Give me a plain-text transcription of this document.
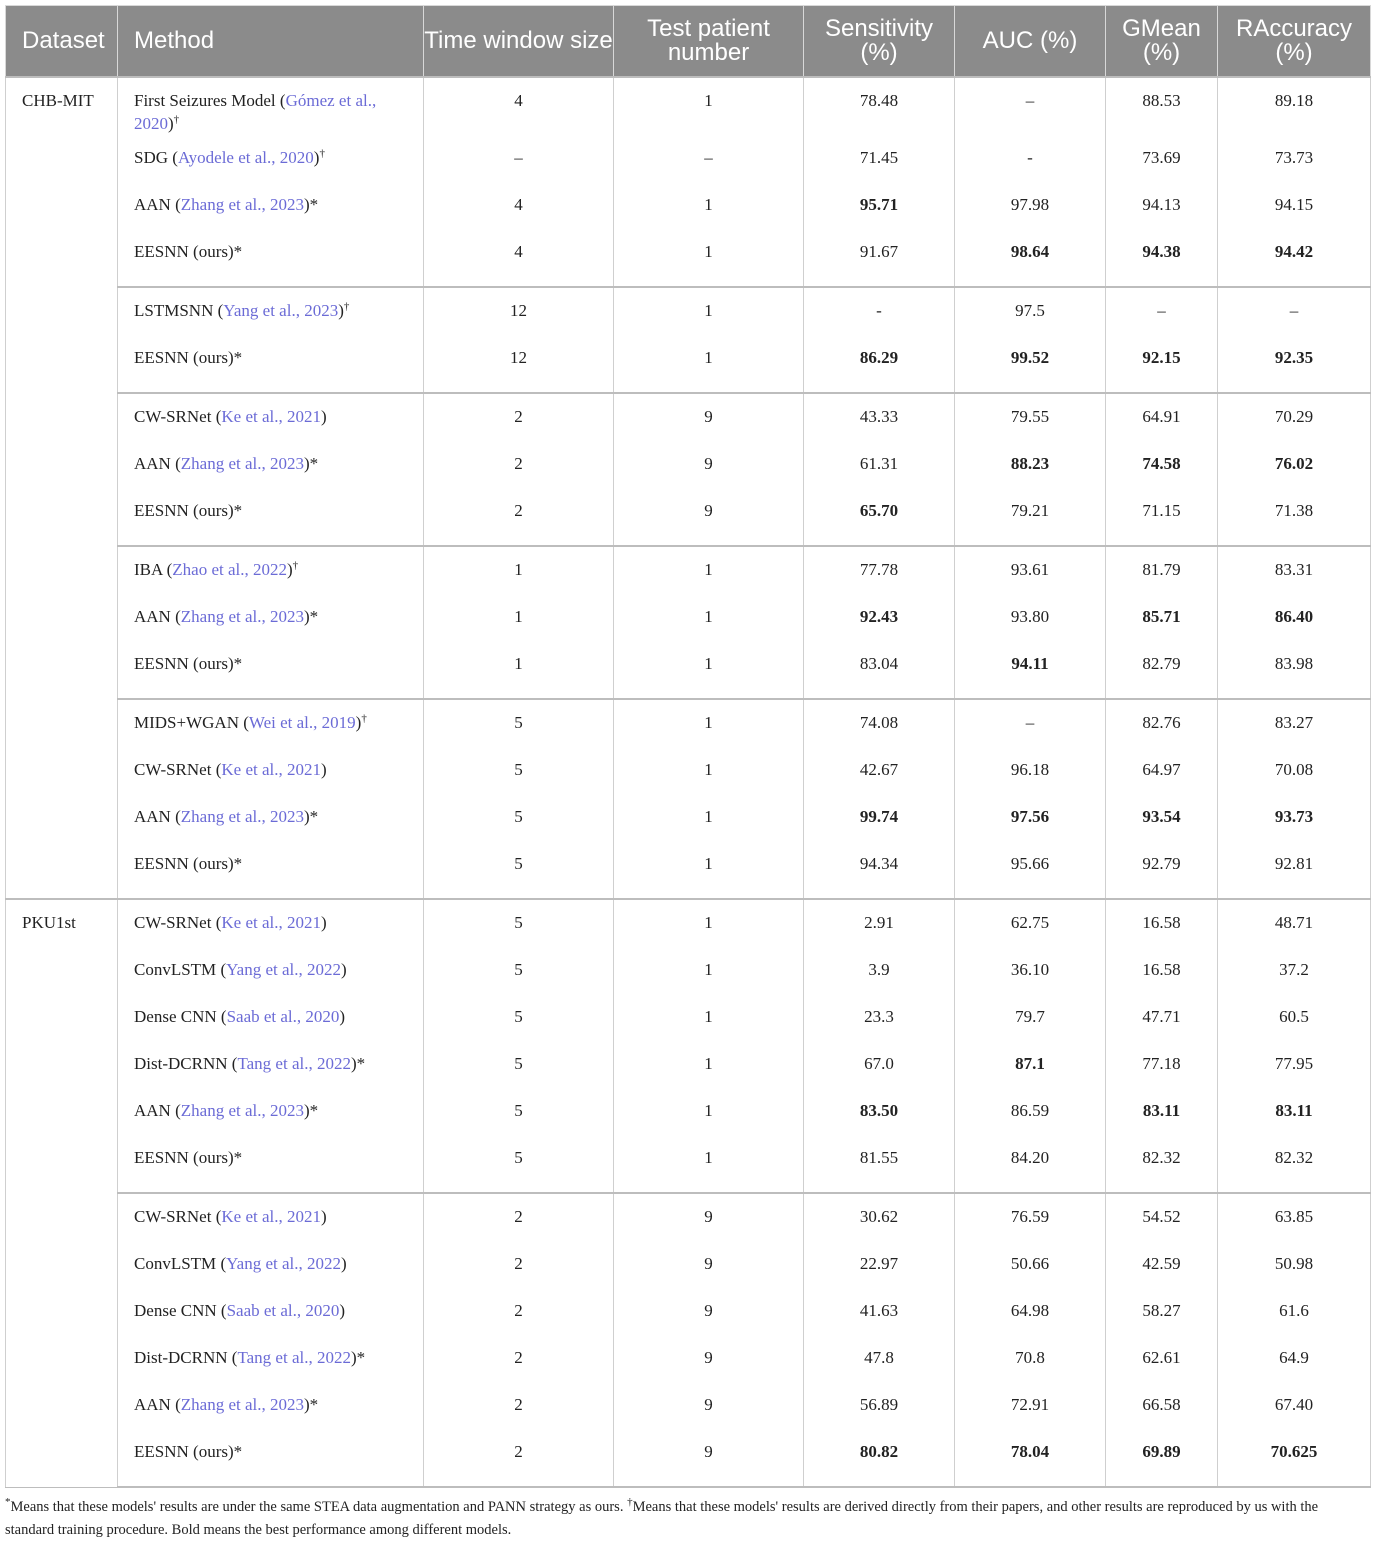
Dataset	Method	Time window size	Test patient number	Sensitivity (%)	AUC (%)	GMean (%)	RAccuracy (%)
CHB-MIT	First Seizures Model (Gómez et al., 2020)†	4	1	78.48	–	88.53	89.18
	SDG (Ayodele et al., 2020)†	–	–	71.45	-	73.69	73.73
	AAN (Zhang et al., 2023)*	4	1	95.71	97.98	94.13	94.15
	EESNN (ours)*	4	1	91.67	98.64	94.38	94.42
	LSTMSNN (Yang et al., 2023)†	12	1	-	97.5	–	–
	EESNN (ours)*	12	1	86.29	99.52	92.15	92.35
	CW-SRNet (Ke et al., 2021)	2	9	43.33	79.55	64.91	70.29
	AAN (Zhang et al., 2023)*	2	9	61.31	88.23	74.58	76.02
	EESNN (ours)*	2	9	65.70	79.21	71.15	71.38
	IBA (Zhao et al., 2022)†	1	1	77.78	93.61	81.79	83.31
	AAN (Zhang et al., 2023)*	1	1	92.43	93.80	85.71	86.40
	EESNN (ours)*	1	1	83.04	94.11	82.79	83.98
	MIDS+WGAN (Wei et al., 2019)†	5	1	74.08	–	82.76	83.27
	CW-SRNet (Ke et al., 2021)	5	1	42.67	96.18	64.97	70.08
	AAN (Zhang et al., 2023)*	5	1	99.74	97.56	93.54	93.73
	EESNN (ours)*	5	1	94.34	95.66	92.79	92.81
PKU1st	CW-SRNet (Ke et al., 2021)	5	1	2.91	62.75	16.58	48.71
	ConvLSTM (Yang et al., 2022)	5	1	3.9	36.10	16.58	37.2
	Dense CNN (Saab et al., 2020)	5	1	23.3	79.7	47.71	60.5
	Dist-DCRNN (Tang et al., 2022)*	5	1	67.0	87.1	77.18	77.95
	AAN (Zhang et al., 2023)*	5	1	83.50	86.59	83.11	83.11
	EESNN (ours)*	5	1	81.55	84.20	82.32	82.32
	CW-SRNet (Ke et al., 2021)	2	9	30.62	76.59	54.52	63.85
	ConvLSTM (Yang et al., 2022)	2	9	22.97	50.66	42.59	50.98
	Dense CNN (Saab et al., 2020)	2	9	41.63	64.98	58.27	61.6
	Dist-DCRNN (Tang et al., 2022)*	2	9	47.8	70.8	62.61	64.9
	AAN (Zhang et al., 2023)*	2	9	56.89	72.91	66.58	67.40
	EESNN (ours)*	2	9	80.82	78.04	69.89	70.625
*Means that these models' results are under the same STEA data augmentation and PANN strategy as ours. †Means that these models' results are derived directly from their papers, and other results are reproduced by us with the standard training procedure. Bold means the best performance among different models.
